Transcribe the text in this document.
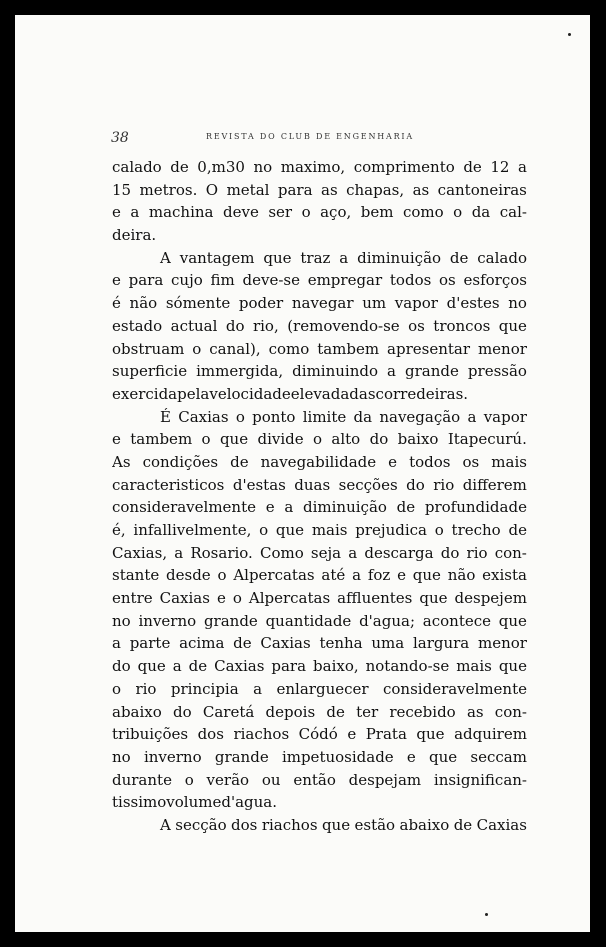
38	REVISTA DO CLUB DE ENGENHARIA
calado de 0,m30 no maximo, comprimento de 12 a
15 metros. O metal para as chapas, as cantoneiras
e a machina deve ser o aço, bem como o da cal-
deira.
A vantagem que traz a diminuição de calado
e para cujo fim deve-se empregar todos os esforços
é não sómente poder navegar um vapor d'estes no
estado actual do rio, (removendo-se os troncos que
obstruam o canal), como tambem apresentar menor
superficie immergida, diminuindo a grande pressão
exercida pela velocidade elevada das corredeiras.
É Caxias o ponto limite da navegação a vapor
e tambem o que divide o alto do baixo Itapecurú.
As condições de navegabilidade e todos os mais
caracteristicos d'estas duas secções do rio differem
consideravelmente e a diminuição de profundidade
é, infallivelmente, o que mais prejudica o trecho de
Caxias, a Rosario. Como seja a descarga do rio con-
stante desde o Alpercatas até a foz e que não exista
entre Caxias e o Alpercatas affluentes que despejem
no inverno grande quantidade d'agua; acontece que
a parte acima de Caxias tenha uma largura menor
do que a de Caxias para baixo, notando-se mais que
o rio principia a enlarguecer consideravelmente
abaixo do Caretá depois de ter recebido as con-
tribuições dos riachos Códó e Prata que adquirem
no inverno grande impetuosidade e que seccam
durante o verão ou então despejam insignifican-
tissimo volume d'agua.
A secção dos riachos que estão abaixo de Caxias
